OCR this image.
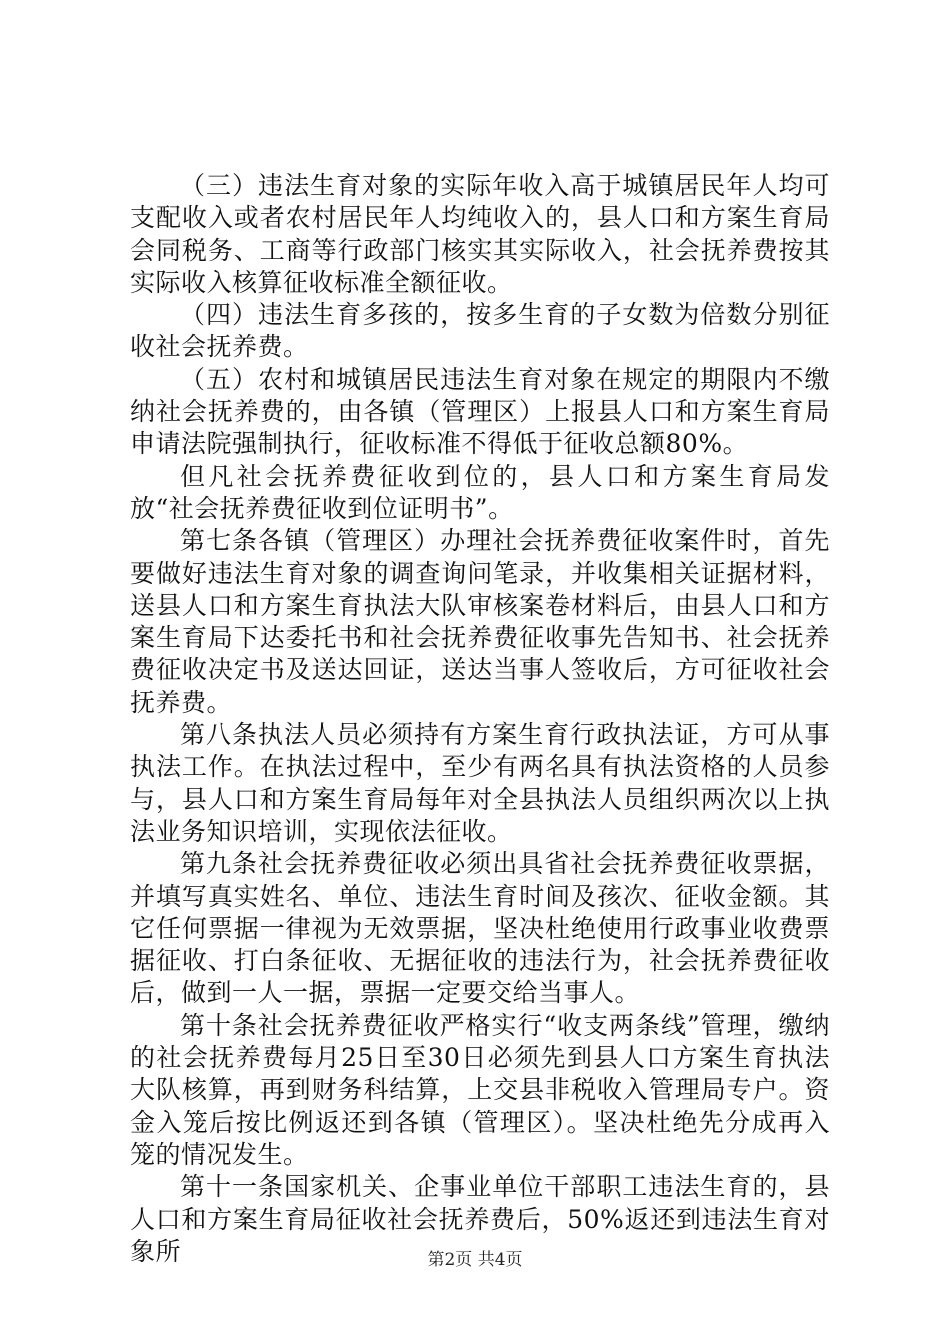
（三）违法生育对象的实际年收入高于城镇居民年人均可支配收入或者农村居民年人均纯收入的，县人口和方案生育局会同税务、工商等行政部门核实其实际收入，社会抚养费按其实际收入核算征收标准全额征收。

（四）违法生育多孩的，按多生育的子女数为倍数分别征收社会抚养费。

（五）农村和城镇居民违法生育对象在规定的期限内不缴纳社会抚养费的，由各镇（管理区）上报县人口和方案生育局申请法院强制执行，征收标准不得低于征收总额80%。

但凡社会抚养费征收到位的，县人口和方案生育局发放“社会抚养费征收到位证明书”。

第七条各镇（管理区）办理社会抚养费征收案件时，首先要做好违法生育对象的调查询问笔录，并收集相关证据材料，送县人口和方案生育执法大队审核案卷材料后，由县人口和方案生育局下达委托书和社会抚养费征收事先告知书、社会抚养费征收决定书及送达回证，送达当事人签收后，方可征收社会抚养费。

第八条执法人员必须持有方案生育行政执法证，方可从事执法工作。在执法过程中，至少有两名具有执法资格的人员参与，县人口和方案生育局每年对全县执法人员组织两次以上执法业务知识培训，实现依法征收。

第九条社会抚养费征收必须出具省社会抚养费征收票据，并填写真实姓名、单位、违法生育时间及孩次、征收金额。其它任何票据一律视为无效票据，坚决杜绝使用行政事业收费票据征收、打白条征收、无据征收的违法行为，社会抚养费征收后，做到一人一据，票据一定要交给当事人。

第十条社会抚养费征收严格实行“收支两条线”管理，缴纳的社会抚养费每月25日至30日必须先到县人口方案生育执法大队核算，再到财务科结算，上交县非税收入管理局专户。资金入笼后按比例返还到各镇（管理区）。坚决杜绝先分成再入笼的情况发生。

第十一条国家机关、企事业单位干部职工违法生育的，县人口和方案生育局征收社会抚养费后，50%返还到违法生育对象所	第2页 共4页
